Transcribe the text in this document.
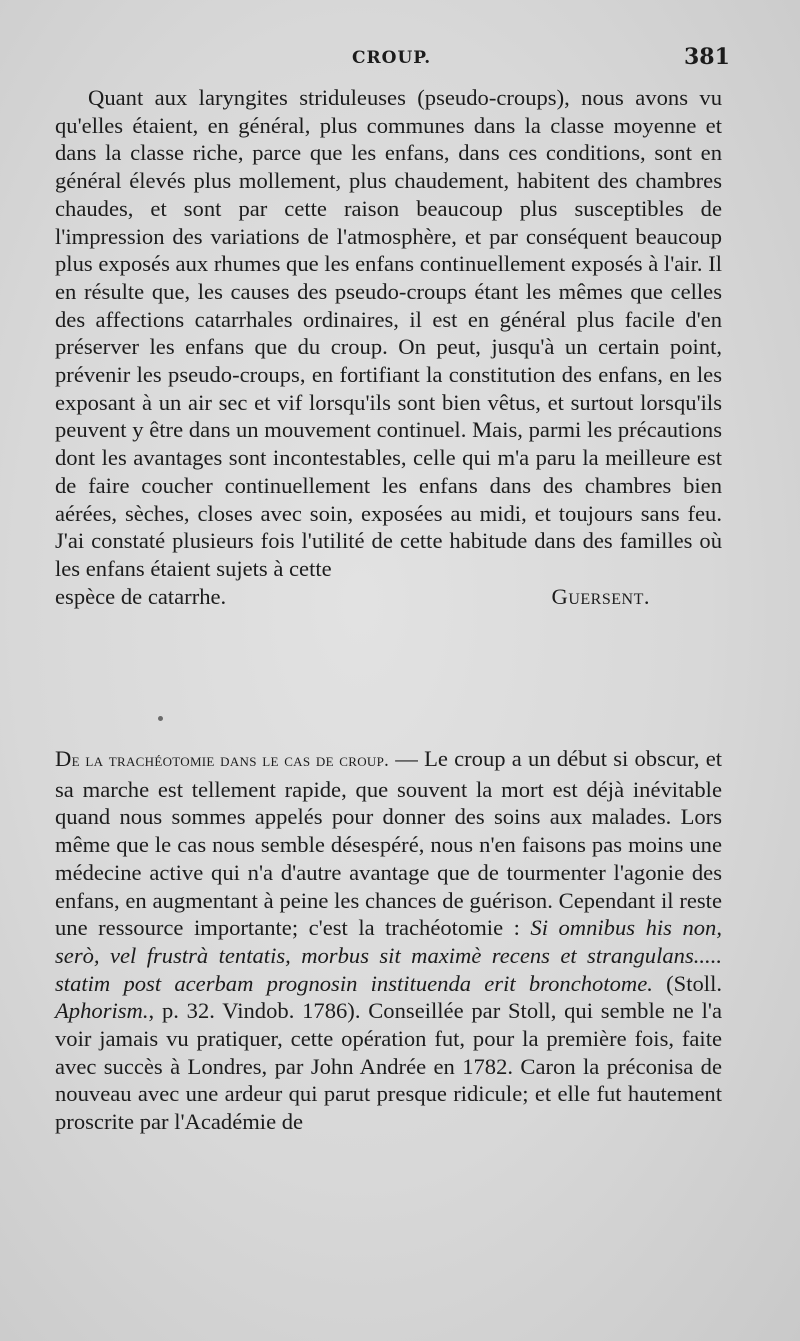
CROUP.	381
Quant aux laryngites striduleuses (pseudo-croups), nous avons vu qu'elles étaient, en général, plus communes dans la classe moyenne et dans la classe riche, parce que les enfans, dans ces conditions, sont en général élevés plus mollement, plus chaudement, habitent des chambres chaudes, et sont par cette raison beaucoup plus susceptibles de l'impression des variations de l'atmosphère, et par conséquent beaucoup plus exposés aux rhumes que les enfans continuellement exposés à l'air. Il en résulte que, les causes des pseudo-croups étant les mêmes que celles des affections catarrhales ordinaires, il est en général plus facile d'en préserver les enfans que du croup. On peut, jusqu'à un certain point, prévenir les pseudo-croups, en fortifiant la constitution des enfans, en les exposant à un air sec et vif lorsqu'ils sont bien vêtus, et surtout lorsqu'ils peuvent y être dans un mouvement continuel. Mais, parmi les précautions dont les avantages sont incontestables, celle qui m'a paru la meilleure est de faire coucher continuellement les enfans dans des chambres bien aérées, sèches, closes avec soin, exposées au midi, et toujours sans feu. J'ai constaté plusieurs fois l'utilité de cette habitude dans des familles où les enfans étaient sujets à cette
espèce de catarrhe.	Guersent.
De la trachéotomie dans le cas de croup. — Le croup a un début si obscur, et sa marche est tellement rapide, que souvent la mort est déjà inévitable quand nous sommes appelés pour donner des soins aux malades. Lors même que le cas nous semble désespéré, nous n'en faisons pas moins une médecine active qui n'a d'autre avantage que de tourmenter l'agonie des enfans, en augmentant à peine les chances de guérison. Cependant il reste une ressource importante; c'est la trachéotomie : Si omnibus his non, serò, vel frustrà tentatis, morbus sit maximè recens et strangulans..... statim post acerbam prognosin instituenda erit bronchotome. (Stoll. Aphorism., p. 32. Vindob. 1786). Conseillée par Stoll, qui semble ne l'a voir jamais vu pratiquer, cette opération fut, pour la première fois, faite avec succès à Londres, par John Andrée en 1782. Caron la préconisa de nouveau avec une ardeur qui parut presque ridicule; et elle fut hautement proscrite par l'Académie de
